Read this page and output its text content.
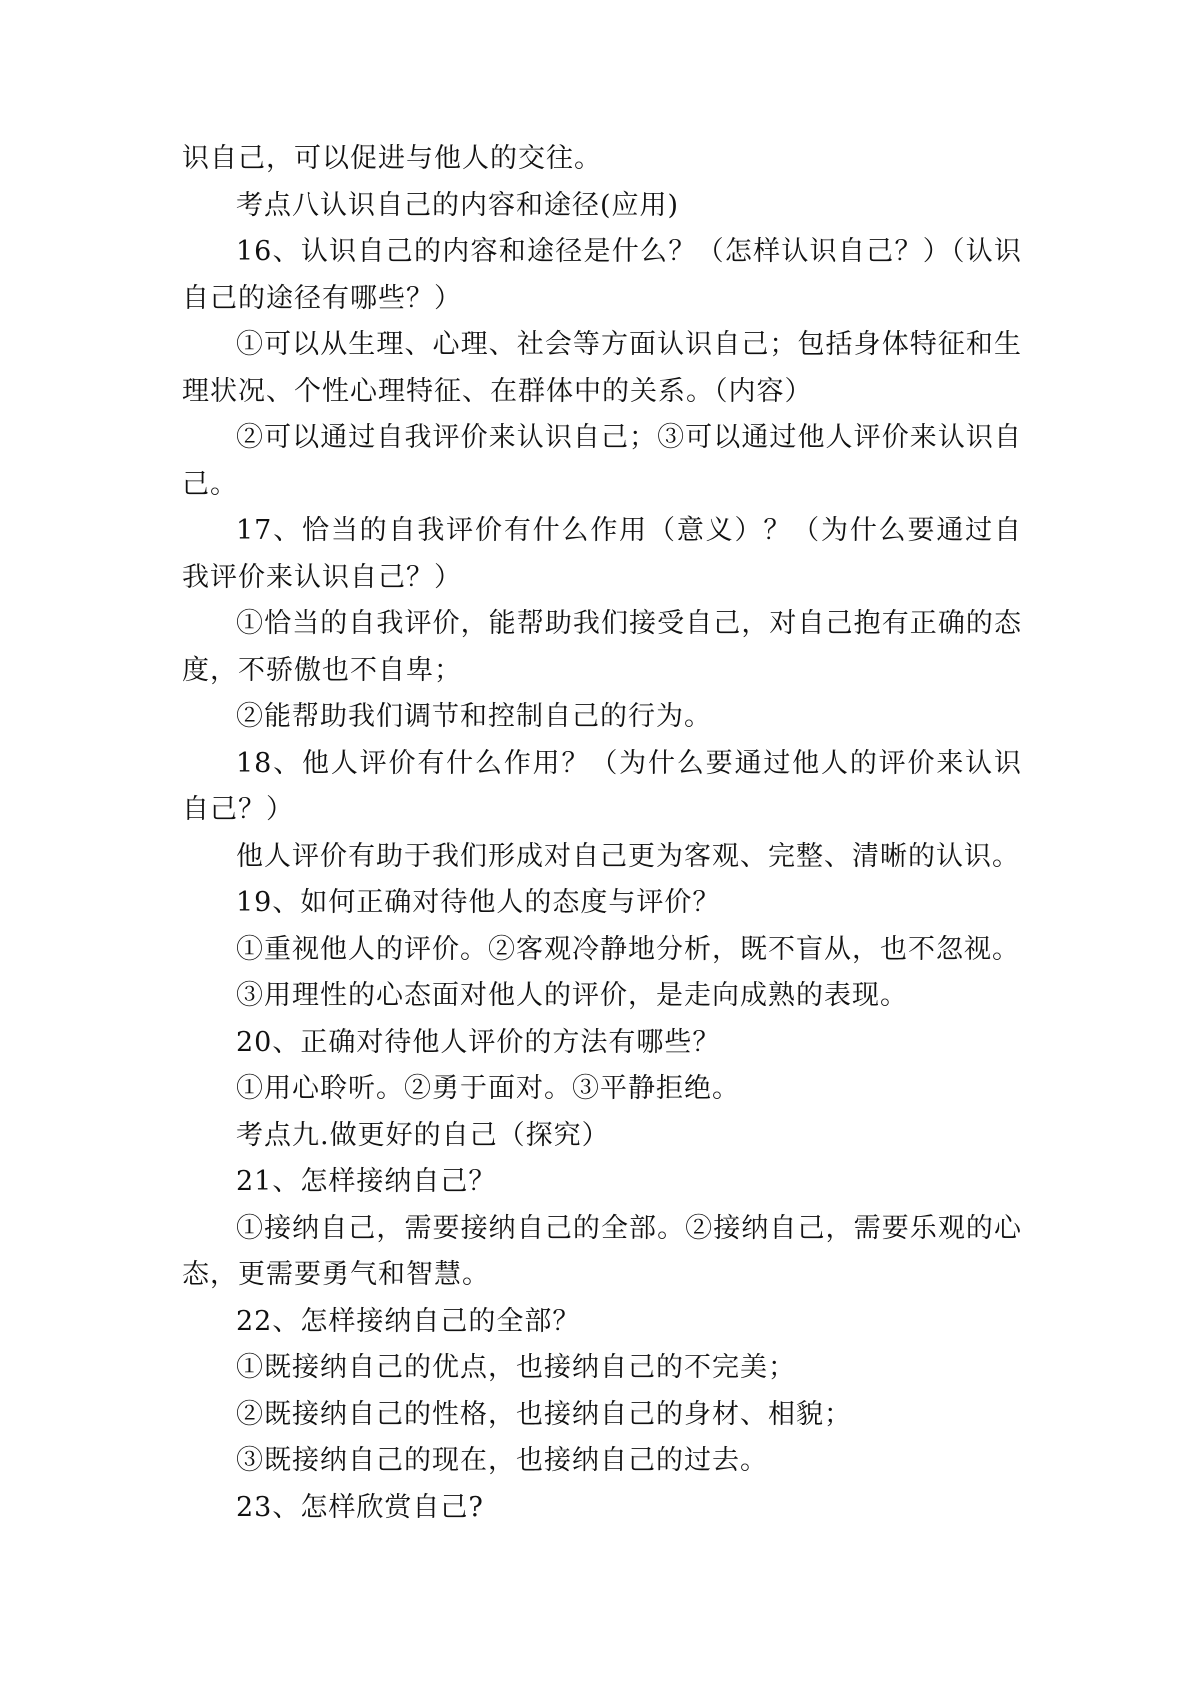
识自己，可以促进与他人的交往。

考点八认识自己的内容和途径(应用)

16、认识自己的内容和途径是什么？（怎样认识自己？）（认识自己的途径有哪些？）

①可以从生理、心理、社会等方面认识自己；包括身体特征和生理状况、个性心理特征、在群体中的关系。（内容）

②可以通过自我评价来认识自己；③可以通过他人评价来认识自己。

17、恰当的自我评价有什么作用（意义）？（为什么要通过自我评价来认识自己？）

①恰当的自我评价，能帮助我们接受自己，对自己抱有正确的态度，不骄傲也不自卑；

②能帮助我们调节和控制自己的行为。

18、他人评价有什么作用？（为什么要通过他人的评价来认识自己？）

他人评价有助于我们形成对自己更为客观、完整、清晰的认识。

19、如何正确对待他人的态度与评价？

①重视他人的评价。②客观冷静地分析，既不盲从，也不忽视。

③用理性的心态面对他人的评价，是走向成熟的表现。

20、正确对待他人评价的方法有哪些？

①用心聆听。②勇于面对。③平静拒绝。

考点九.做更好的自己（探究）

21、怎样接纳自己？

①接纳自己，需要接纳自己的全部。②接纳自己，需要乐观的心态，更需要勇气和智慧。

22、怎样接纳自己的全部？

①既接纳自己的优点，也接纳自己的不完美；

②既接纳自己的性格，也接纳自己的身材、相貌；

③既接纳自己的现在，也接纳自己的过去。

23、怎样欣赏自己?
